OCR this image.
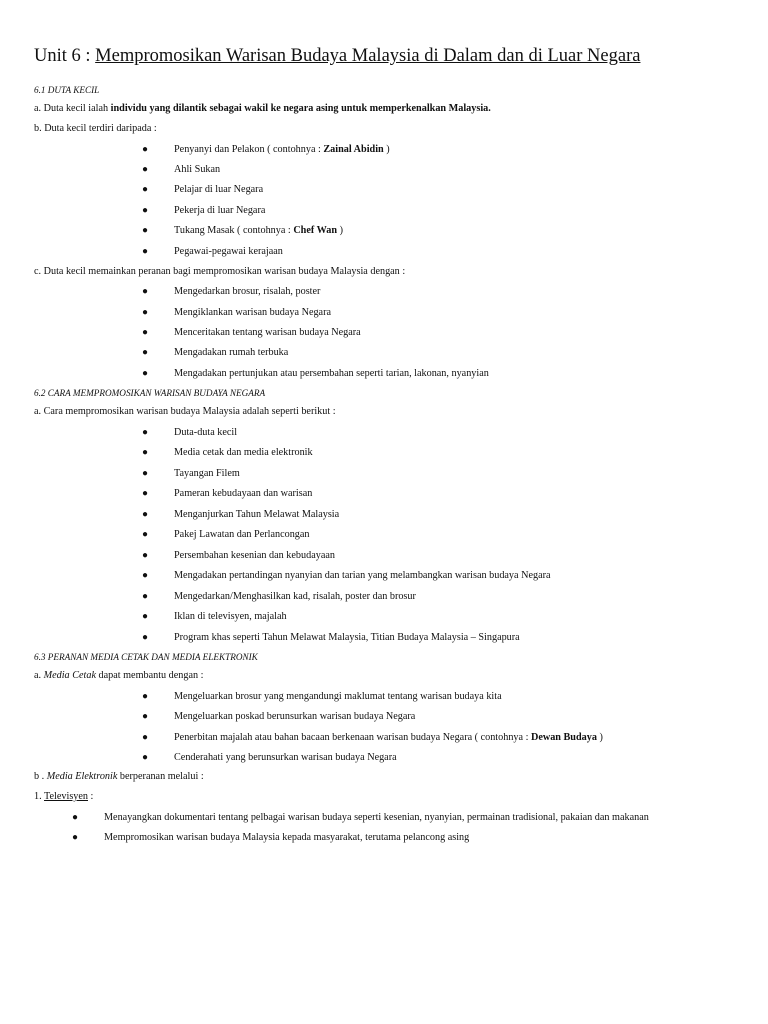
Unit 6 : Mempromosikan Warisan Budaya Malaysia di Dalam dan di Luar Negara
6.1 DUTA KECIL
a. Duta kecil ialah individu yang dilantik sebagai wakil ke negara asing untuk memperkenalkan Malaysia.
b. Duta kecil terdiri daripada :
●	Penyanyi dan Pelakon ( contohnya : Zainal Abidin )
●	Ahli Sukan
●	Pelajar di luar Negara
●	Pekerja di luar Negara
●	Tukang Masak ( contohnya : Chef Wan )
●	Pegawai-pegawai kerajaan
c. Duta kecil memainkan peranan bagi mempromosikan warisan budaya Malaysia dengan :
●	Mengedarkan brosur, risalah, poster
●	Mengiklankan warisan budaya Negara
●	Menceritakan tentang warisan budaya Negara
●	Mengadakan rumah terbuka
●	Mengadakan pertunjukan atau persembahan seperti tarian, lakonan, nyanyian
6.2 CARA MEMPROMOSIKAN WARISAN BUDAYA NEGARA
a. Cara mempromosikan warisan budaya Malaysia adalah seperti berikut :
●	Duta-duta kecil
●	Media cetak dan media elektronik
●	Tayangan Filem
●	Pameran kebudayaan dan warisan
●	Menganjurkan Tahun Melawat Malaysia
●	Pakej Lawatan dan Perlancongan
●	Persembahan kesenian dan kebudayaan
●	Mengadakan pertandingan nyanyian dan tarian yang melambangkan warisan budaya Negara
●	Mengedarkan/Menghasilkan kad, risalah, poster dan brosur
●	Iklan di televisyen, majalah
●	Program khas seperti Tahun Melawat Malaysia, Titian Budaya Malaysia – Singapura
6.3 PERANAN MEDIA CETAK DAN MEDIA ELEKTRONIK
a. Media Cetak dapat membantu dengan :
●	Mengeluarkan brosur yang mengandungi maklumat tentang warisan budaya kita
●	Mengeluarkan poskad berunsurkan warisan budaya Negara
●	Penerbitan majalah atau bahan bacaan berkenaan warisan budaya Negara ( contohnya : Dewan Budaya )
●	Cenderahati yang berunsurkan warisan budaya Negara
b . Media Elektronik berperanan melalui :
1. Televisyen :
●	Menayangkan dokumentari tentang pelbagai warisan budaya seperti kesenian, nyanyian, permainan tradisional, pakaian dan makanan
●	Mempromosikan warisan budaya Malaysia kepada masyarakat, terutama pelancong asing
